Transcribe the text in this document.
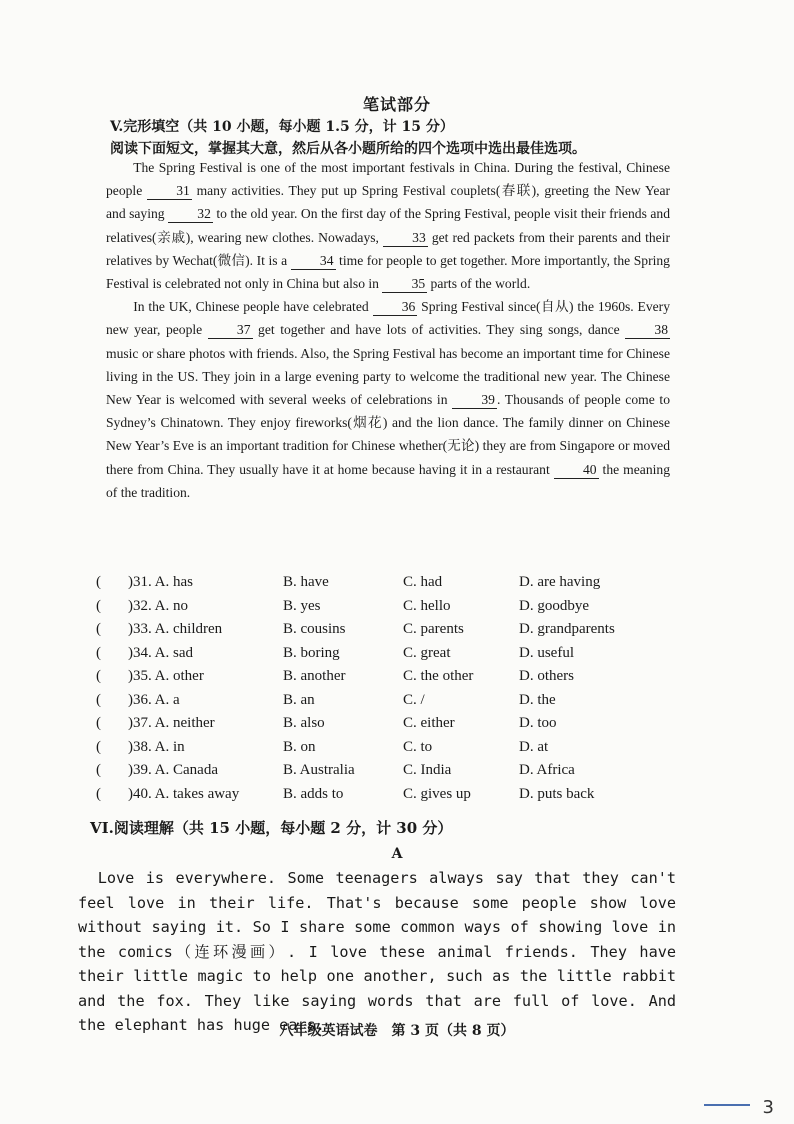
笔试部分
V.完形填空（共 10 小题，每小题 1.5 分，计 15 分）
阅读下面短文，掌握其大意，然后从各小题所给的四个选项中选出最佳选项。

The Spring Festival is one of the most important festivals in China. During the festival, Chinese people 31 many activities. They put up Spring Festival couplets(春联), greeting the New Year and saying 32 to the old year. On the first day of the Spring Festival, people visit their friends and relatives(亲戚), wearing new clothes. Nowadays, 33 get red packets from their parents and their relatives by Wechat(微信). It is a 34 time for people to get together. More importantly, the Spring Festival is celebrated not only in China but also in 35 parts of the world.

In the UK, Chinese people have celebrated 36 Spring Festival since(自从) the 1960s. Every new year, people 37 get together and have lots of activities. They sing songs, dance 38 music or share photos with friends. Also, the Spring Festival has become an important time for Chinese living in the US. They join in a large evening party to welcome the traditional new year. The Chinese New Year is welcomed with several weeks of celebrations in 39 . Thousands of people come to Sydney’s Chinatown. They enjoy fireworks(烟花) and the lion dance. The family dinner on Chinese New Year’s Eve is an important tradition for Chinese whether(无论) they are from Singapore or moved there from China. They usually have it at home because having it in a restaurant 40 the meaning of the tradition.

( )31. A. has	B. have	C. had	D. are having
( )32. A. no	B. yes	C. hello	D. goodbye
( )33. A. children	B. cousins	C. parents	D. grandparents
( )34. A. sad	B. boring	C. great	D. useful
( )35. A. other	B. another	C. the other	D. others
( )36. A. a	B. an	C. /	D. the
( )37. A. neither	B. also	C. either	D. too
( )38. A. in	B. on	C. to	D. at
( )39. A. Canada	B. Australia	C. India	D. Africa
( )40. A. takes away	B. adds to	C. gives up	D. puts back
VI.阅读理解（共 15 小题，每小题 2 分，计 30 分）
A

Love is everywhere. Some teenagers always say that they can't feel love in their life. That's because some people show love without saying it. So I share some common ways of showing love in the comics（连环漫画）. I love these animal friends. They have their little magic to help one another, such as the little rabbit and the fox. They like saying words that are full of love. And the elephant has huge ears.

八年级英语试卷　第 3 页（共 8 页）
3
